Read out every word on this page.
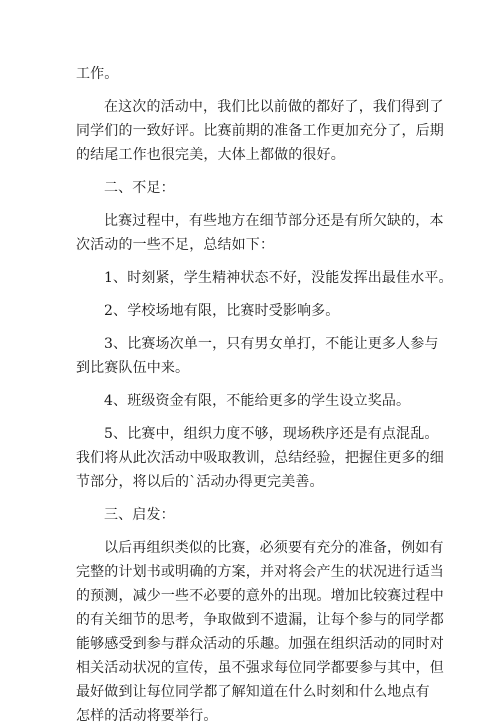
工作。
在这次的活动中，我们比以前做的都好了，我们得到了
同学们的一致好评。比赛前期的准备工作更加充分了，后期
的结尾工作也很完美，大体上都做的很好。
二、不足：
比赛过程中，有些地方在细节部分还是有所欠缺的，本
次活动的一些不足，总结如下：
1、时刻紧，学生精神状态不好，没能发挥出最佳水平。
2、学校场地有限，比赛时受影响多。
3、比赛场次单一，只有男女单打，不能让更多人参与
到比赛队伍中来。
4、班级资金有限，不能给更多的学生设立奖品。
5、比赛中，组织力度不够，现场秩序还是有点混乱。
我们将从此次活动中吸取教训，总结经验，把握住更多的细
节部分，将以后的`活动办得更完美善。
三、启发：
以后再组织类似的比赛，必须要有充分的准备，例如有
完整的计划书或明确的方案，并对将会产生的状况进行适当
的预测，减少一些不必要的意外的出现。增加比较赛过程中
的有关细节的思考，争取做到不遗漏，让每个参与的同学都
能够感受到参与群众活动的乐趣。加强在组织活动的同时对
相关活动状况的宣传，虽不强求每位同学都要参与其中，但
最好做到让每位同学都了解知道在什么时刻和什么地点有
怎样的活动将要举行。
